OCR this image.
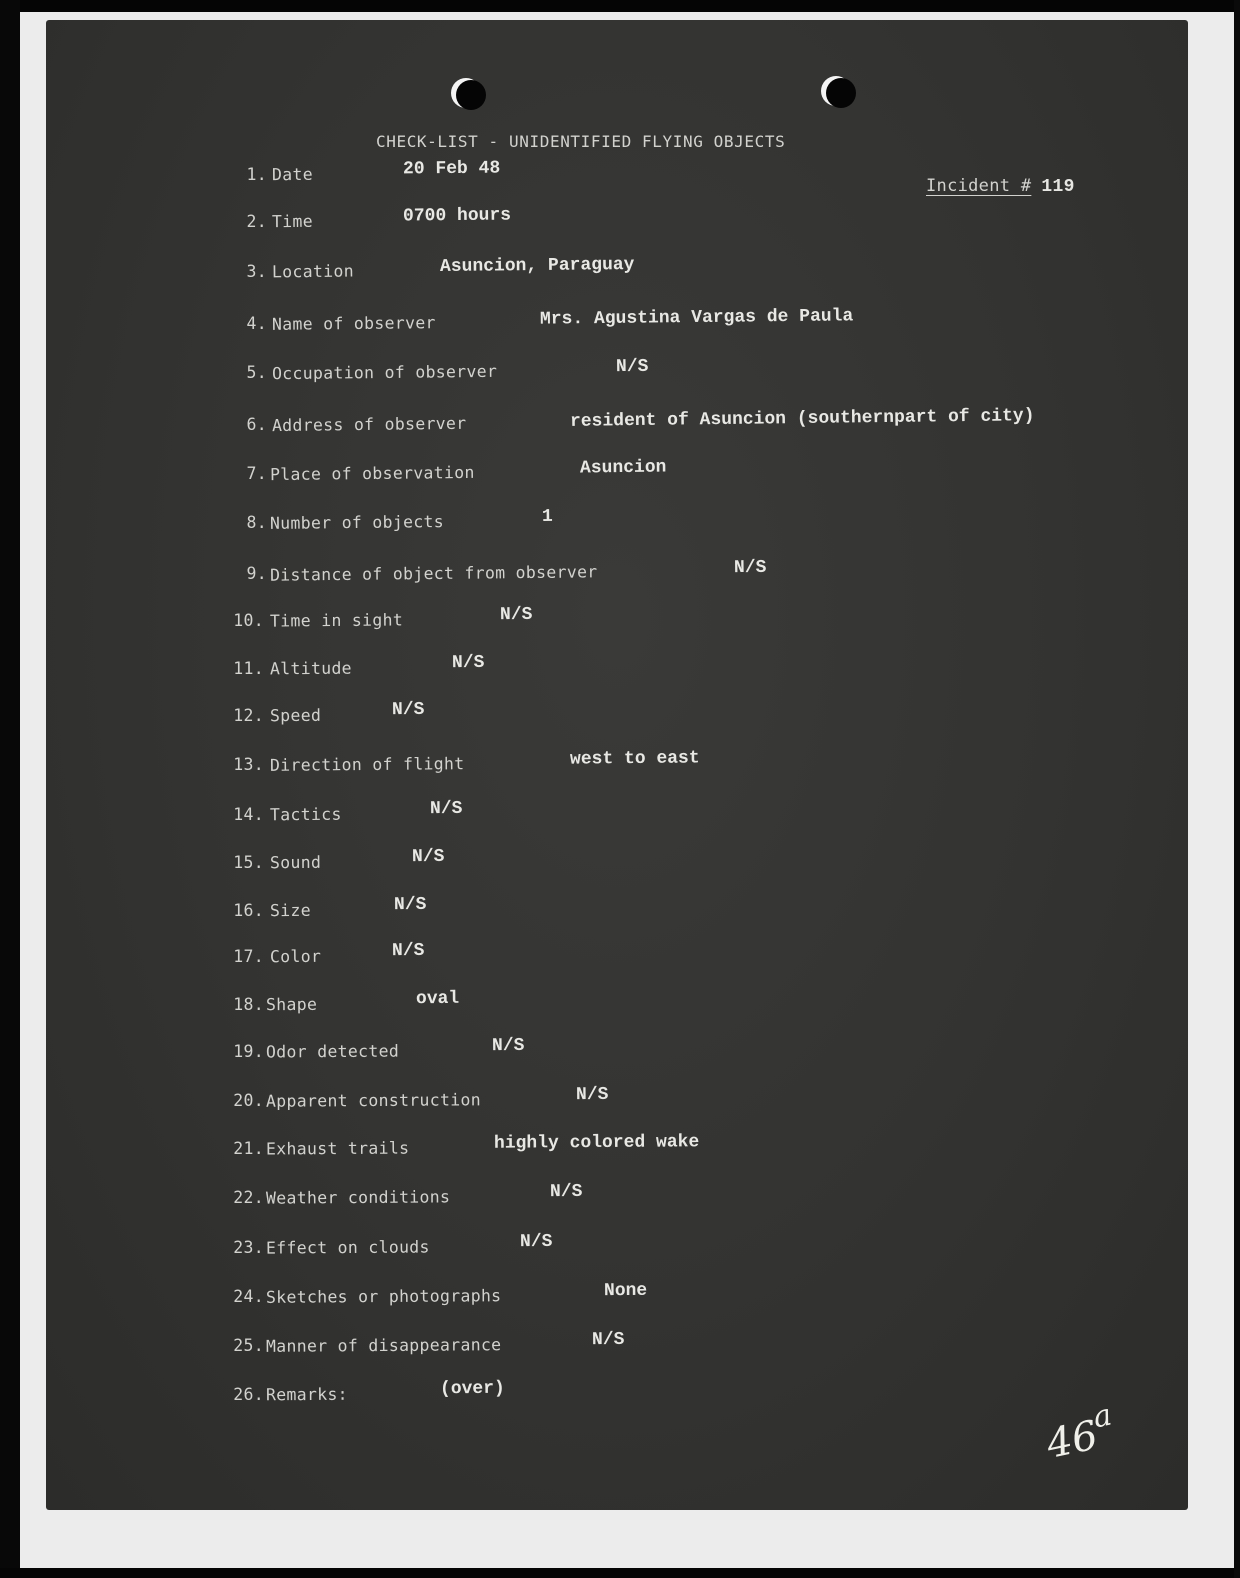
CHECK-LIST - UNIDENTIFIED FLYING OBJECTS
Incident # 119
1. Date	20 Feb 48
2. Time	0700 hours
3. Location	Asuncion, Paraguay
4. Name of observer	Mrs. Agustina Vargas de Paula
5. Occupation of observer	N/S
6. Address of observer	resident of Asuncion (southernpart of city)
7. Place of observation	Asuncion
8. Number of objects	1
9. Distance of object from observer	N/S
10. Time in sight	N/S
11. Altitude	N/S
12. Speed	N/S
13. Direction of flight	west to east
14. Tactics	N/S
15. Sound	N/S
16. Size	N/S
17. Color	N/S
18. Shape	oval
19. Odor detected	N/S
20. Apparent construction	N/S
21. Exhaust trails	highly colored wake
22. Weather conditions	N/S
23. Effect on clouds	N/S
24. Sketches or photographs	None
25. Manner of disappearance	N/S
26. Remarks:	(over)
46$^a$
